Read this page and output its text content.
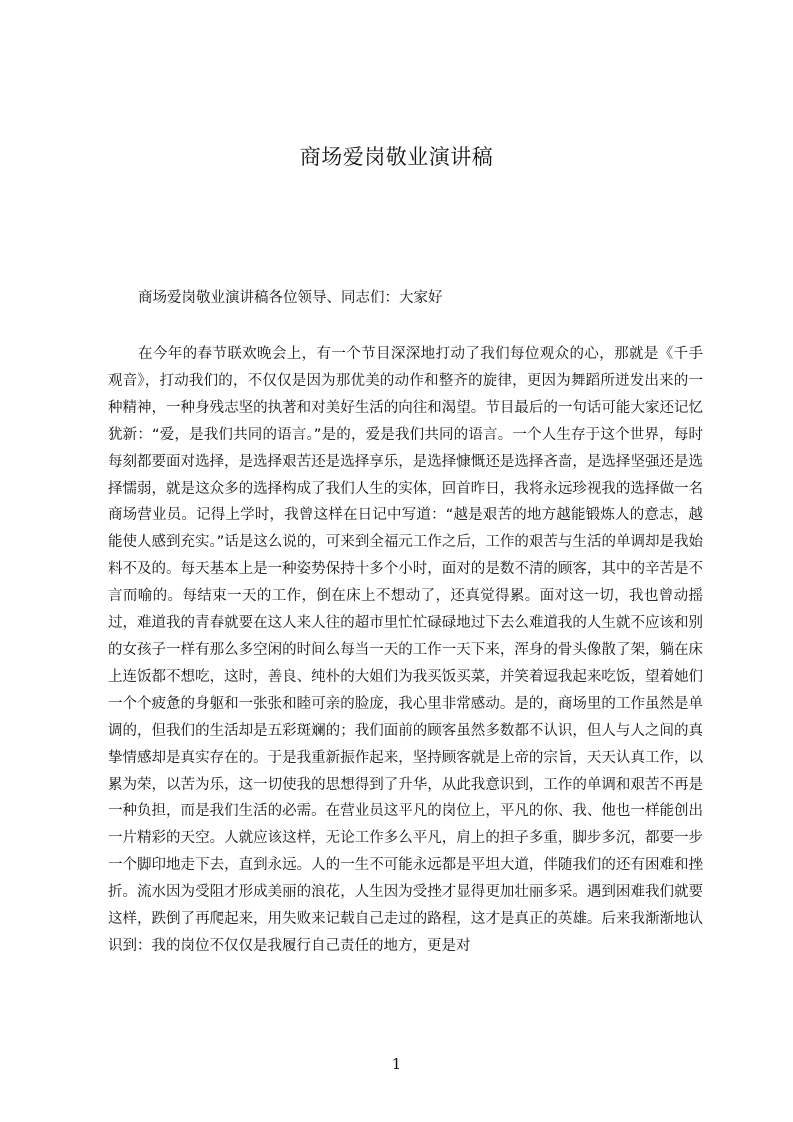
商场爱岗敬业演讲稿

商场爱岗敬业演讲稿各位领导、同志们：大家好

在今年的春节联欢晚会上，有一个节目深深地打动了我们每位观众的心，那就是《千手观音》，打动我们的，不仅仅是因为那优美的动作和整齐的旋律，更因为舞蹈所迸发出来的一种精神，一种身残志坚的执著和对美好生活的向往和渴望。节目最后的一句话可能大家还记忆犹新：“爱，是我们共同的语言。”是的，爱是我们共同的语言。一个人生存于这个世界，每时每刻都要面对选择，是选择艰苦还是选择享乐，是选择慷慨还是选择吝啬，是选择坚强还是选择懦弱，就是这众多的选择构成了我们人生的实体，回首昨日，我将永远珍视我的选择做一名商场营业员。记得上学时，我曾这样在日记中写道：“越是艰苦的地方越能锻炼人的意志，越能使人感到充实。”话是这么说的，可来到全福元工作之后，工作的艰苦与生活的单调却是我始料不及的。每天基本上是一种姿势保持十多个小时，面对的是数不清的顾客，其中的辛苦是不言而喻的。每结束一天的工作，倒在床上不想动了，还真觉得累。面对这一切，我也曾动摇过，难道我的青春就要在这人来人往的超市里忙忙碌碌地过下去么难道我的人生就不应该和别的女孩子一样有那么多空闲的时间么每当一天的工作一天下来，浑身的骨头像散了架，躺在床上连饭都不想吃，这时，善良、纯朴的大姐们为我买饭买菜，并笑着逗我起来吃饭，望着她们一个个疲惫的身躯和一张张和睦可亲的脸庞，我心里非常感动。是的，商场里的工作虽然是单调的，但我们的生活却是五彩斑斓的；我们面前的顾客虽然多数都不认识，但人与人之间的真挚情感却是真实存在的。于是我重新振作起来，坚持顾客就是上帝的宗旨，天天认真工作，以累为荣，以苦为乐，这一切使我的思想得到了升华，从此我意识到，工作的单调和艰苦不再是一种负担，而是我们生活的必需。在营业员这平凡的岗位上，平凡的你、我、他也一样能创出一片精彩的天空。人就应该这样，无论工作多么平凡，肩上的担子多重，脚步多沉，都要一步一个脚印地走下去，直到永远。人的一生不可能永远都是平坦大道，伴随我们的还有困难和挫折。流水因为受阻才形成美丽的浪花，人生因为受挫才显得更加壮丽多采。遇到困难我们就要这样，跌倒了再爬起来，用失败来记载自己走过的路程，这才是真正的英雄。后来我渐渐地认识到：我的岗位不仅仅是我履行自己责任的地方，更是对

1
